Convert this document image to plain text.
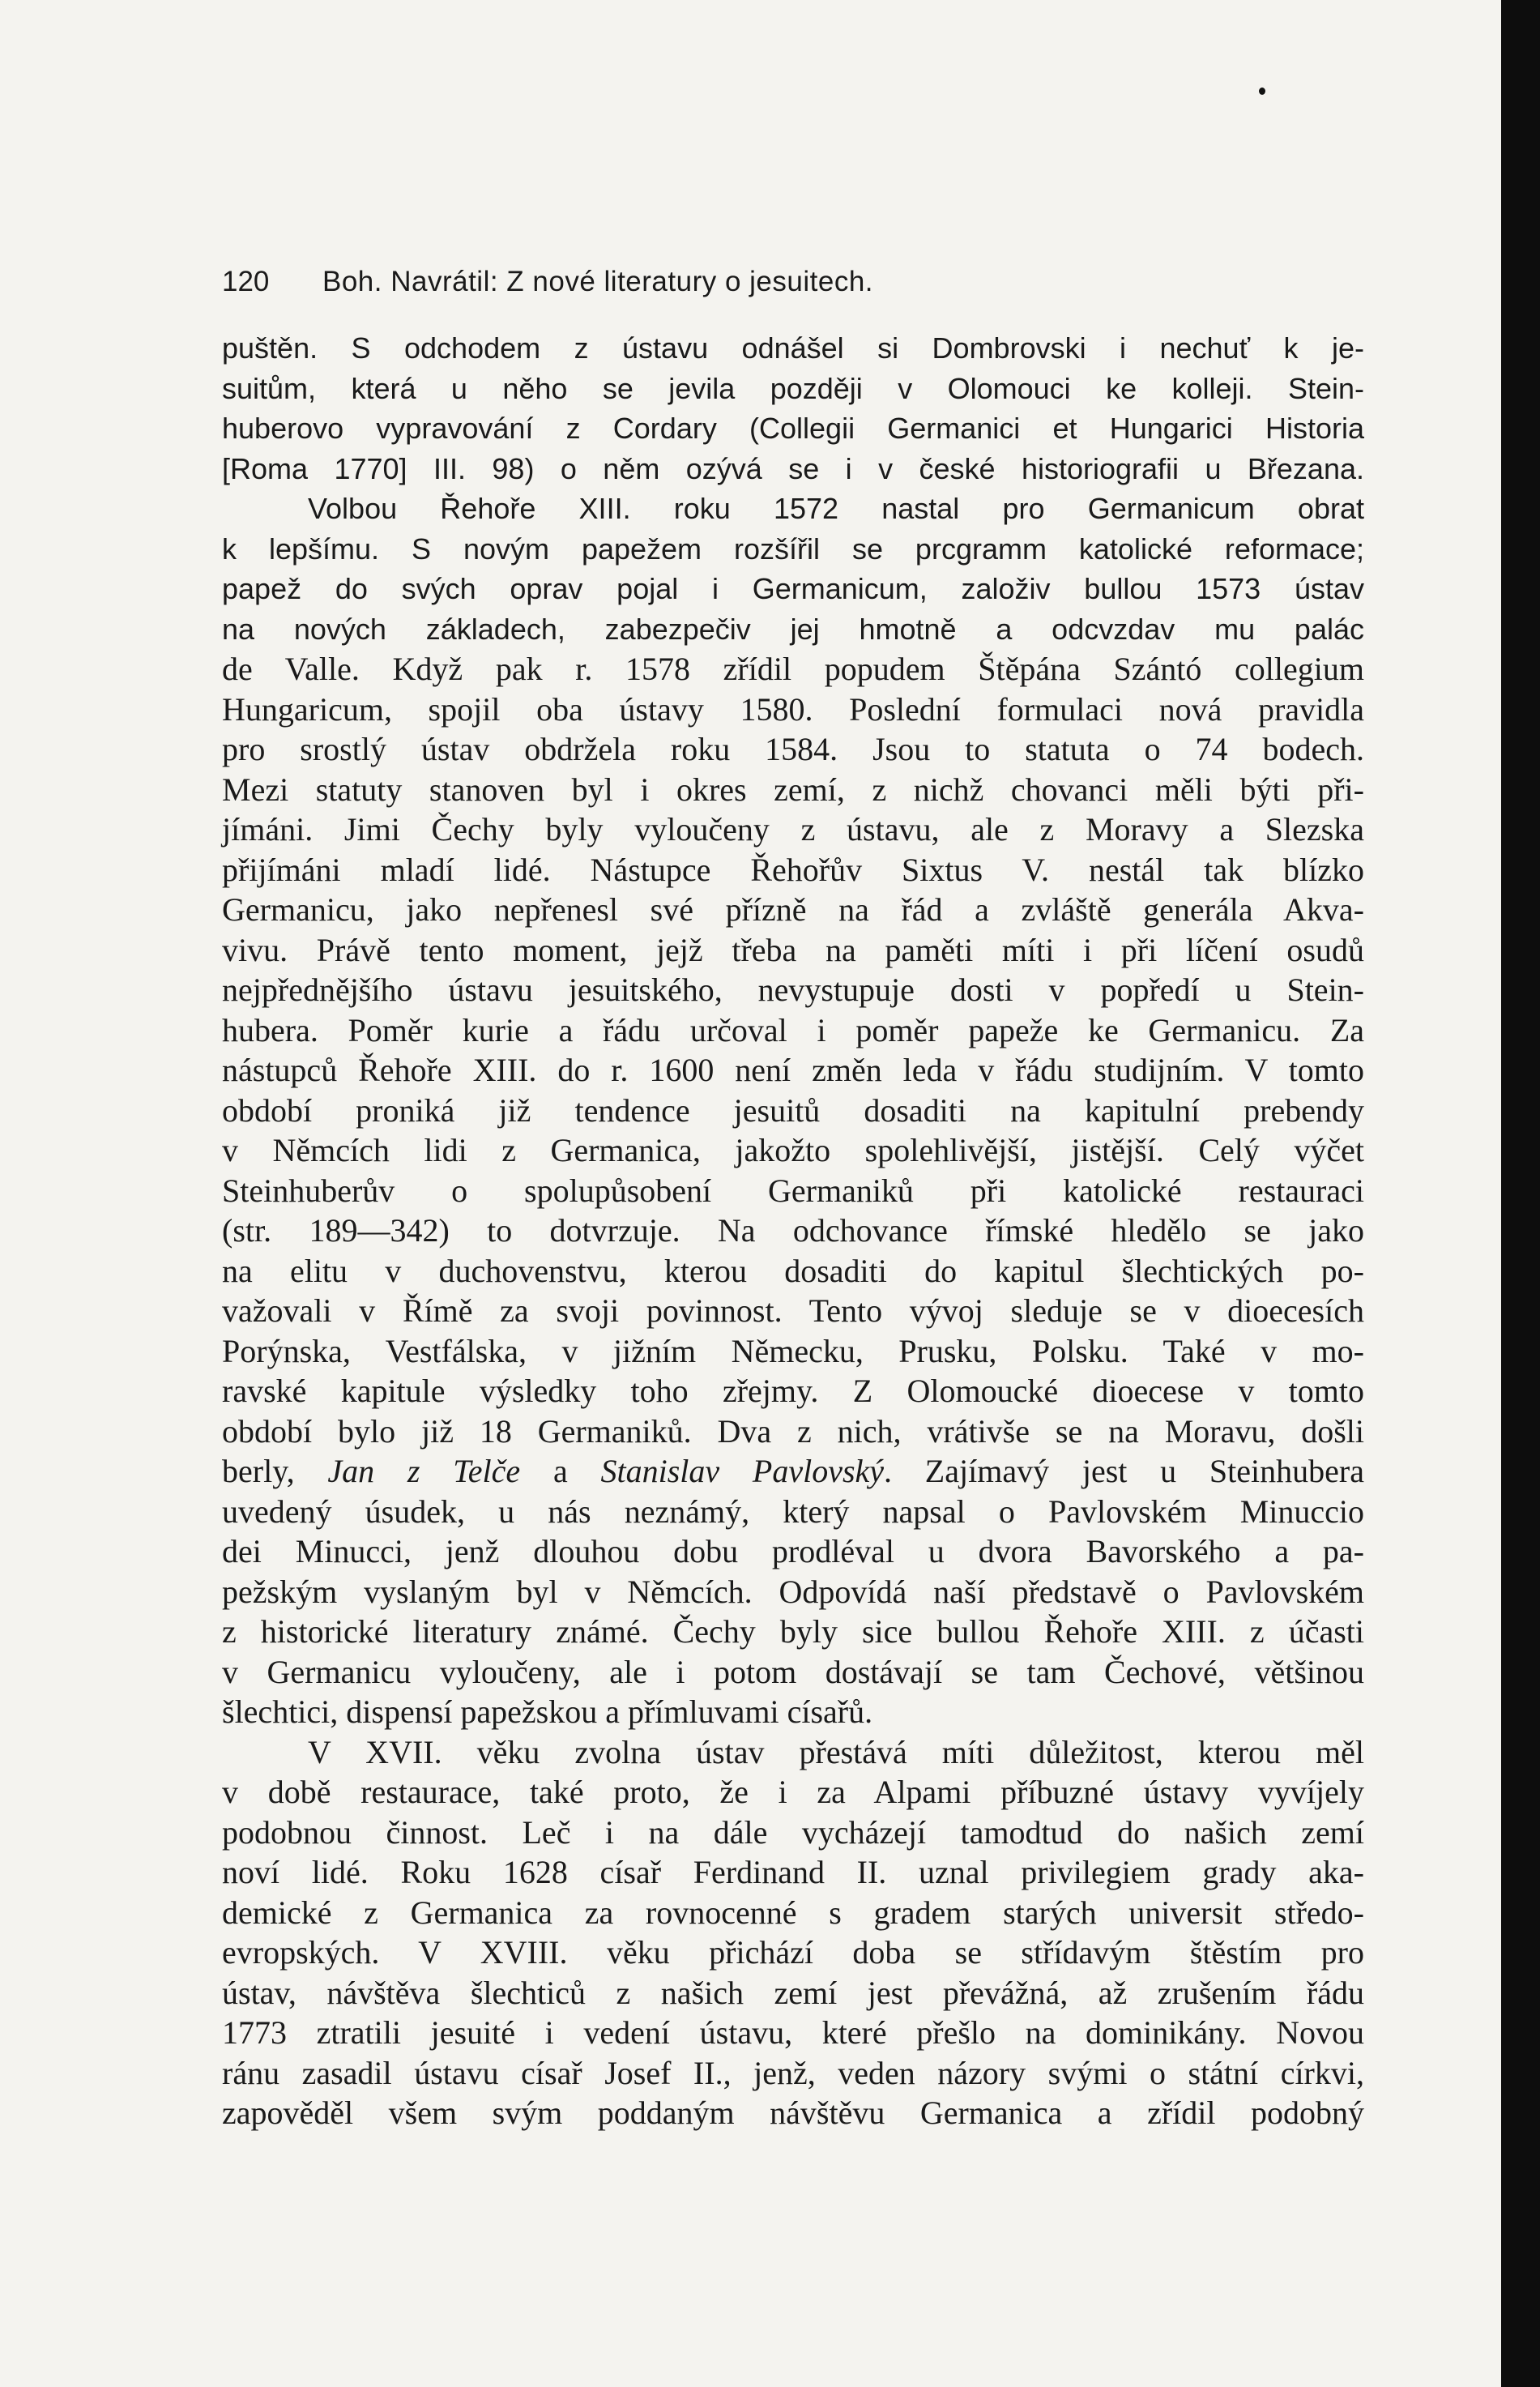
120 Boh. Navrátil: Z nové literatury o jesuitech.
puštěn. S odchodem z ústavu odnášel si Dombrovski i nechuť k je-
suitům, která u něho se jevila později v Olomouci ke kolleji. Stein-
huberovo vypravování z Cordary (Collegii Germanici et Hungarici Historia
[Roma 1770] III. 98) o něm ozývá se i v české historiografii u Březana.
Volbou Řehoře XIII. roku 1572 nastal pro Germanicum obrat
k lepšímu. S novým papežem rozšířil se prcgramm katolické reformace;
papež do svých oprav pojal i Germanicum, založiv bullou 1573 ústav
na nových základech, zabezpečiv jej hmotně a odcvzdav mu palác
de Valle. Když pak r. 1578 zřídil popudem Štěpána Szántó collegium
Hungaricum, spojil oba ústavy 1580. Poslední formulaci nová pravidla
pro srostlý ústav obdržela roku 1584. Jsou to statuta o 74 bodech.
Mezi statuty stanoven byl i okres zemí, z nichž chovanci měli býti při-
jímáni. Jimi Čechy byly vyloučeny z ústavu, ale z Moravy a Slezska
přijímáni mladí lidé. Nástupce Řehořův Sixtus V. nestál tak blízko
Germanicu, jako nepřenesl své přízně na řád a zvláště generála Akva-
vivu. Právě tento moment, jejž třeba na paměti míti i při líčení osudů
nejpřednějšího ústavu jesuitského, nevystupuje dosti v popředí u Stein-
hubera. Poměr kurie a řádu určoval i poměr papeže ke Germanicu. Za
nástupců Řehoře XIII. do r. 1600 není změn leda v řádu studijním. V tomto
období proniká již tendence jesuitů dosaditi na kapitulní prebendy
v Němcích lidi z Germanica, jakožto spolehlivější, jistější. Celý výčet
Steinhuberův o spolupůsobení Germaniků při katolické restauraci
(str. 189—342) to dotvrzuje. Na odchovance římské hledělo se jako
na elitu v duchovenstvu, kterou dosaditi do kapitul šlechtických po-
važovali v Římě za svoji povinnost. Tento vývoj sleduje se v dioecesích
Porýnska, Vestfálska, v jižním Německu, Prusku, Polsku. Také v mo-
ravské kapitule výsledky toho zřejmy. Z Olomoucké dioecese v tomto
období bylo již 18 Germaniků. Dva z nich, vrátivše se na Moravu, došli
berly, Jan z Telče a Stanislav Pavlovský. Zajímavý jest u Steinhubera
uvedený úsudek, u nás neznámý, který napsal o Pavlovském Minuccio
dei Minucci, jenž dlouhou dobu prodléval u dvora Bavorského a pa-
pežským vyslaným byl v Němcích. Odpovídá naší představě o Pavlovském
z historické literatury známé. Čechy byly sice bullou Řehoře XIII. z účasti
v Germanicu vyloučeny, ale i potom dostávají se tam Čechové, většinou
šlechtici, dispensí papežskou a přímluvami císařů.
V XVII. věku zvolna ústav přestává míti důležitost, kterou měl
v době restaurace, také proto, že i za Alpami příbuzné ústavy vyvíjely
podobnou činnost. Leč i na dále vycházejí tamodtud do našich zemí
noví lidé. Roku 1628 císař Ferdinand II. uznal privilegiem grady aka-
demické z Germanica za rovnocenné s gradem starých universit středo-
evropských. V XVIII. věku přichází doba se střídavým štěstím pro
ústav, návštěva šlechticů z našich zemí jest převážná, až zrušením řádu
1773 ztratili jesuité i vedení ústavu, které přešlo na dominikány. Novou
ránu zasadil ústavu císař Josef II., jenž, veden názory svými o státní církvi,
zapověděl všem svým poddaným návštěvu Germanica a zřídil podobný
